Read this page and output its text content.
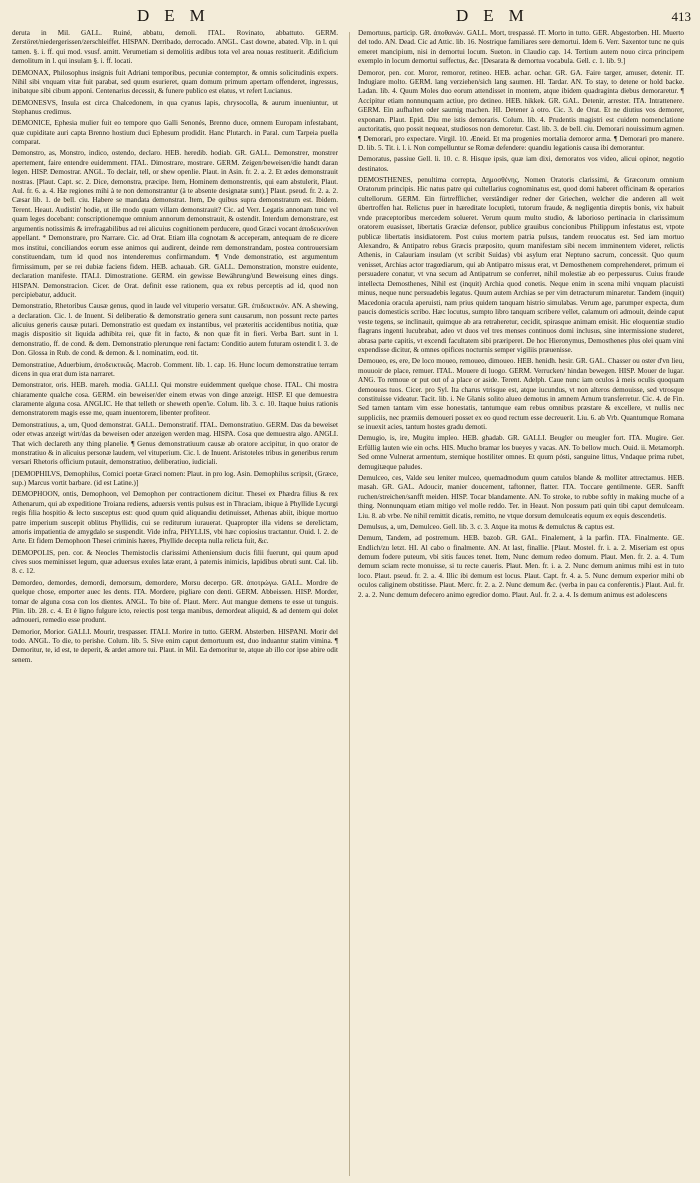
DEM	DEM	413

deruta in Mil. GALL. Ruiné, abbatu, demoli. ITAL. Rovinato, abbattuto. GERM. Zerstöret/niedergerissen/zerschleiffet. HISPAN. Derribado, derrocado. ANGL. Cast downe, abated. Vlp. in l. qui tamen. §. i. ff. qui mod. vsusf. amitt. Verumetiam si demolitis ædibus tota vel area nouas restituerit. Ædificium demolitum in l. qui insulam §. i. ff. locati.

DEMONAX, Philosophus insignis fuit Adriani temporibus, pecuniæ contemptor, & omnis solicitudinis expers. Nihil sibi vnquam vitæ fuit parabat, sed quum esurieret, quam domum primum apertam offenderet, ingressus, inibatque sibi cibum apponi. Centenarius decessit, & funere publico est elatus, vt refert Lucianus.

DEMONESVS, Insula est circa Chalcedonem, in qua cyanus lapis, chrysocolla, & aurum inueniuntur, ut Stephanus credimus.

DEMONICE, Ephesia mulier fuit eo tempore quo Galli Senonés, Brenno duce, omnem Europam infestabant, quæ cupiditate auri capta Brenno hostium duci Ephesum prodidit. Hanc Plutarch. in Paral. cum Tarpeia puella comparat.

Demonstro, as, Monstro, indico, ostendo, declaro. HEB. heredib. hodiab. GR. GALL. Demonstrer, monstrer apertement, faire entendre euidemment. ITAL. Dimostrare, mostrare. GERM. Zeigen/beweisen/die handt daran legen. HISP. Demostrar. ANGL. To declair, tell, or shew openlie. Plaut. in Asin. fr. 2. a. 2. Et ædes demonstrauit nostras. [Plaut. Capt. sc. 2. Dice, demonstra, præcipe. Item, Hominem demonstrentis, qui eam abstulerit, Plaut. Aul. fr. 6. a. 4. Hæ regiones mihi à te non demonstrantur (à te absente designatæ sunt).] Plaut. pseud. fr. 2. a. 2. Cæsar lib. 1. de bell. ciu. Habere se mandata demonstrat. Item, De quibus supra demonstratum est. Ibidem. Terent. Heaut. Audistin' hodie, ut ille modo quam villam demonstrauit? Cic. ad Verr. Legatis annonam tunc vel quam leges docebant: conscriptionemque omnium annorum demonstrauit, & ostendit. Interdum demonstrare, est argumentis notissimis & irrefragabilibus ad rei alicuius cognitionem perducere, quod Græci vocant ἀποδεικνύναι appellant. * Demonstrare, pro Narrare. Cic. ad Orat. Etiam illa cognotam & acceperam, antequam de re dicere mos institui, conciliandos eorum esse animos qui audirent, deinde rem demonstrandam, postea controuersiam constituendam, tum id quod nos intenderemus confirmandum. ¶ Vnde demonstratio, est argumentum firmissimum, per se rei dubiæ faciens fidem. HEB. achauab. GR. GALL. Demonstration, monstre euidente, declaration manifeste. ITALI. Dimostratione. GERM. ein gewisse Bewährung/und Beweisung eines dings. HISPAN. Demonstracion. Cicer. de Orat. definit esse rationem, qua ex rebus perceptis ad id, quod non percipiebatur, adducit.

Demonstratio, Rhetoribus Causæ genus, quod in laude vel vituperio versatur. GR. ἐπιδεικτικόν. AN. A shewing, a declaration. Cic. l. de Inuent. Si deliberatio & demonstratio genera sunt causarum, non possunt recte partes alicuius generis causæ putari. Demonstratio est quedam ex instantibus, vel præteritis accidentibus notitia, quæ magis dispositio sit liquida adhibita rei, quæ fit in facto, & non quæ fit in fieri. Verba Bart. sunt in l. demonstratio, ff. de cond. & dem. Demonstratio plerunque reni factam: Conditio autem futuram ostendit l. 3. de Don. Glossa in Rub. de cond. & demon. & l. nominatim, eod. tit.

Demonstratiue, Aduerbium, ἀποδεικτικῶς. Macrob. Comment. lib. 1. cap. 16. Hunc locum demonstratiue terram dicens in qua erat dum ista narraret.

Demonstrator, oris. HEB. mareh. modia. GALLI. Qui monstre euidemment quelque chose. ITAL. Chi mostra chiaramente qualche cosa. GERM. ein beweiser/der einem etwas von dinge anzeigt. HISP. El que demuestra claramente alguna cosa. ANGLIC. He that telleth or sheweth open'ie. Colum. lib. 3. c. 10. Itaque huius rationis demonstratorem magis esse me, quam inuentorem, libenter profiteor.

Demonstratiuus, a, um, Quod demonstrat. GALL. Demonstratif. ITAL. Demonstratiuo. GERM. Das da beweiset oder etwas anzeigt wirt/das da beweisen oder anzeigen werden mag. HISPA. Cosa que demuestra algo. ANGLI. That wich declareth any thing planelie. ¶ Genus demonstratiuum causæ ab oratore accipitur, in quo orator de monstratiuo & in alicuius personæ laudem, vel vituperium. Cic. l. de Inuent. Aristoteles tribus in generibus rerum versari Rhetoris officium putauit, demonstratiuo, deliberatiuo, iudiciali.

[DEMOPHILVS, Demophilus, Comici poetæ Græci nomen: Plaut. in pro log. Asin. Demophilus scripsit, (Græce, sup.) Marcus vortit barbare. (id est Latine.)]

DEMOPHOON, ontis, Demophoon, vel Demophon per contractionem dicitur. Thesei ex Phædra filius & rex Athenarum, qui ab expeditione Troiana rediens, aduersis ventis pulsus est in Thraciam, ibique à Phyllide Lycurgi regis filia hospitio & lecto susceptus est: quod quum quid aliquandiu detinuisset, Athenas abiit, ibique mortuo patre imperium suscepit oblitus Phyllidis, cui se rediturum iurauerat. Quapropter illa videns se derelictam, amoris impatientia de amygdalo se suspendit. Vide infra, PHYLLIS, vbi hæc copiosius tractantur. Ouid. l. 2. de Arte. Et fidem Demophoon Thesei criminis hæres, Phyllide decepta nulla relicta fuit, &c.

DEMOPOLIS, pen. cor. & Neocles Themistoclis clarissimi Atheniensium ducis filii fuerunt, qui quum apud cives suos meminisset legum, quæ aduersus exules latæ erant, à paternis inimicis, lapidibus obruti sunt. Cal. lib. 8. c. 12.

Demordeo, demordes, demordi, demorsum, demordere, Morsu decerpo. GR. ἀποτρώγω. GALL. Mordre de quelque chose, emporter auec les dents. ITA. Mordere, pigliare con denti. GERM. Abbeissen. HISP. Morder, tomar de alguna cosa con los dientes. ANGL. To bite of. Plaut. Merc. Aut mangue demens te esse ut tunguis. Plin. lib. 28. c. 4. Et è ligno fulgure icto, reiectis post terga manibus, demordeat aliquid, & ad dentem qui dolet admoueri, remedio esse produnt.

Demorior, Morior. GALLI. Mourir, trespasser. ITALI. Morire in tutto. GERM. Absterben. HISPANI. Morir del todo. ANGL. To die, to perishe. Colum. lib. 5. Sive enim caput demortuum est, duo induantur statim vimina. ¶ Demoritur, te, id est, te deperit, & ardet amore tui. Plaut. in Mil. Ea demoritur te, atque ab illo cor ipse abire odit senem.

Demortuus, particip. GR. ἀποθανών. GALL. Mort, trespassé. IT. Morto in tutto. GER. Abgestorben. HI. Muerto del todo. AN. Dead. Cic ad Attic. lib. 16. Nostrique familiares sere demortui. Idem 6. Verr. Saxentor tunc ne quis emeret mancipium, nisi in demortui locum. Sueton. in Claudio cap. 14. Tertium autem nouo circa principem exemplo in locum demortui suffectus, &c. [Desarata & demortua vocabula. Gell. c. 1. lib. 9.]

Demoror, pen. cor. Moror, remoror, retineo. HEB. achar. ochar. GR. GA. Faire targer, amuser, detenir. IT. Indugiare molto. GERM. lang verziehen/sich lang saumen. HI. Tardar. AN. To stay, to detene or hold backe. Ladan. lib. 4. Quum Moles duo eorum attendisset in montem, atque ibidem quadraginta diebus demoraretur. ¶ Accipitur etiam nonnunquam actiue, pro detineo. HEB. hikkek. GR. GAL. Detenir, arrester. ITA. Intrattenere. GERM. Ein aufhalten oder saumig machen. HI. Detener à otro. Cic. 3. de Orat. Et ne diutius vos demorer, exponam. Plaut. Epid. Diu me istis demoraris. Colum. lib. 4. Prudentis magistri est cuidem nomenclatione auctoritatis, quo possit nequeat, studiosos non demoretur. Cast. lib. 3. de bell. ciu. Demorari nouissimum agmen. ¶ Demorari, pro expectare. Virgil. 10. Æneid. Et ma progenies mortalia demoror arma. ¶ Demorari pro manere. D. lib. 5. Tit. i. l. i. Non compelluntur se Romæ defendere: quandiu legationis causa ibi demorantur.

Demoratus, passiue Gell. li. 10. c. 8. Hisque ipsis, quæ iam dixi, demoratos vos video, alicui opinor, negotio destinatos.

DEMOSTHENES, penultima correpta, Δημοσθένης, Nomen Oratoris clarissimi, & Græcorum omnium Oratorum principis. Hic natus patre qui cultellarius cognominatus est, quod domi haberet officinam & operarios cultellorum. GERM. Ein fürtrefflicher, verständiger redner der Griechen, welcher die anderen all weit übertroffen hat. Relictus puer in hæreditate locupleti, tutorum fraude, & negligentia direptis bonis, vix habuit vnde præceptoribus mercedem solueret. Verum quum multo studio, & laborioso pertinacia in clarissimum oratorem euasisset, libertatis Græciæ defensor, publice grauibus concionibus Philippum infestatus est, vtpote publicæ libertatis insidiatorem. Post cuius mortem patria pulsus, tandem reuocatus est. Sed iam mortuo Alexandro, & Antipatro rebus Græcis præposito, quum manifestam sibi necem imminentem videret, relictis Athenis, in Calauriam insulam (vt scribit Suidas) vbi asylum erat Neptuno sacrum, concessit. Quo quum venisset, Archias actor tragœdiarum, qui ab Antipatro missus erat, vt Demosthenem comprehenderet, primum ei persuadere conatur, vt vna secum ad Antipatrum se conferret, nihil molestiæ ab eo perpessurus. Cuius fraude intellecta Demosthenes, Nihil est (inquit) Archia quod conetis. Neque enim in scena mihi vnquam placuisti minus, neque nunc persuadebis legatus. Quum autem Archias se per vim detracturum minaretur. Tandem (inquit) Macedonia oracula aperuisti, nam prius quidem tanquam histrio simulabas. Verum age, parumper expecta, dum paucis domesticis scribo. Hæc locutus, sumpto libro tanquam scribere vellet, calamum ori admouit, deinde caput veste tegens, se inclinauit, quimque ab ara retraheretur, cecidit, spirasque animam emisit. Hic eloquentiæ studio flagrans ingenti lucubrabat, adeo vt duos vel tres menses continuos domi inclusus, sine intermissione studeret, abrasa parte capitis, vt excendi facultatem sibi præriperet. De hoc Hieronymus, Demosthenes plus olei quam vini expendisse dicitur, & omnes opifices nocturnis semper vigiliis præuenisse.

Demoueo, es, ere, De loco moueo, remoueo, dimoueo. HEB. henidh. hesir. GR. GAL. Chasser ou oster d'vn lieu, mouuoir de place, remuer. ITAL. Mouere di luogo. GERM. Verrucken/ hindan bewegen. HISP. Mouer de lugar. ANG. To remoue or put out of a place or aside. Terent. Adelph. Caue nunc iam oculos à meis oculis quoquam demoueas tuos. Cicer. pro Syl. Ita charus vtrisque est, atque iucundus, vt non alteros demouisse, sed vtrosque constituisse videatur. Tacit. lib. i. Ne Glanis solito alueo demotus in amnem Arnum transferretur. Cic. 4. de Fin. Sed tamen tantam vim esse honestatis, tantumque eam rebus omnibus præstare & excellere, vt nullis nec suppliciis, nec præmiis demoueri posset ex eo quod rectum esse decreuerit. Liu. 6. ab Vrb. Quantumque Romana se inuexit acies, tantum hostes gradu demoti.

Demugio, is, ire, Mugitu impleo. HEB. ghadab. GR. GALLI. Beugler ou meugler fort. ITA. Mugire. Ger. Erfüllig lauten wie ein ochs. HIS. Mucho bramar los bueyes y vacas. AN. To bellow much. Ouid. ii. Metamorph. Sed omne Vulnerat armentum, stemique hostiliter omnes. Et quum pósti, sanguine littus, Vndaque prima rubet, demugitæque paludes.

Demulceo, ces, Valde seu leniter mulceo, quemadmodum quum catulos blande & molliter attrectamus. HEB. masah. GR. GAL. Adoucir, manier doucement, taftonner, flatter. ITA. Toccare gentilmente. GER. Sanfft ruchen/streichen/sanfft meiden. HISP. Tocar blandamente. AN. To stroke, to rubbe softly in making muche of a thing. Nonnunquam etiam mitigo vel molle reddo. Ter. in Heaut. Non possum pati quin tibi caput demulceam. Liu. 8. ab vrbe. Ne nihil remittit dicatis, remitto, ne vtque dorsum demulceatis equum ex equis descendetis.

Demulsus, a, um, Demulceo. Gell. lib. 3. c. 3. Atque ita motus & demulctus & captus est.

Demum, Tandem, ad postremum. HEB. bazob. GR. GAL. Finalement, à la parfin. ITA. Finalmente. GE. Endlich/zu letzt. HI. Al cabo o finalmente. AN. At last, finallie. [Plaut. Mostel. fr. i. a. 2. Miseriam est opus demum fodere puteum, vbi sitis fauces tenet. Item, Nunc demum redeo domum. Plaut. Men. fr. 2. a. 4. Tum demum sciam recte monuisse, si tu recte caueris. Plaut. Men. fr. i. a. 2. Nunc demum animus mihi est in tuto loco. Plaut. pseud. fr. 2. a. 4. Illic ibi demum est locus. Plaut. Capt. fr. 4. a. 5. Nunc demum experior mihi ob oculos caliginem obstitisse. Plaut. Merc. fr. 2. a. 2. Nunc demum &c. (verba in pau ca conferentis.) Plaut. Aul. fr. 2. a. 2. Nunc demum defecero animo egredior domo. Plaut. Aul. fr. 2. a. 4. Is demum animus est adolescens
